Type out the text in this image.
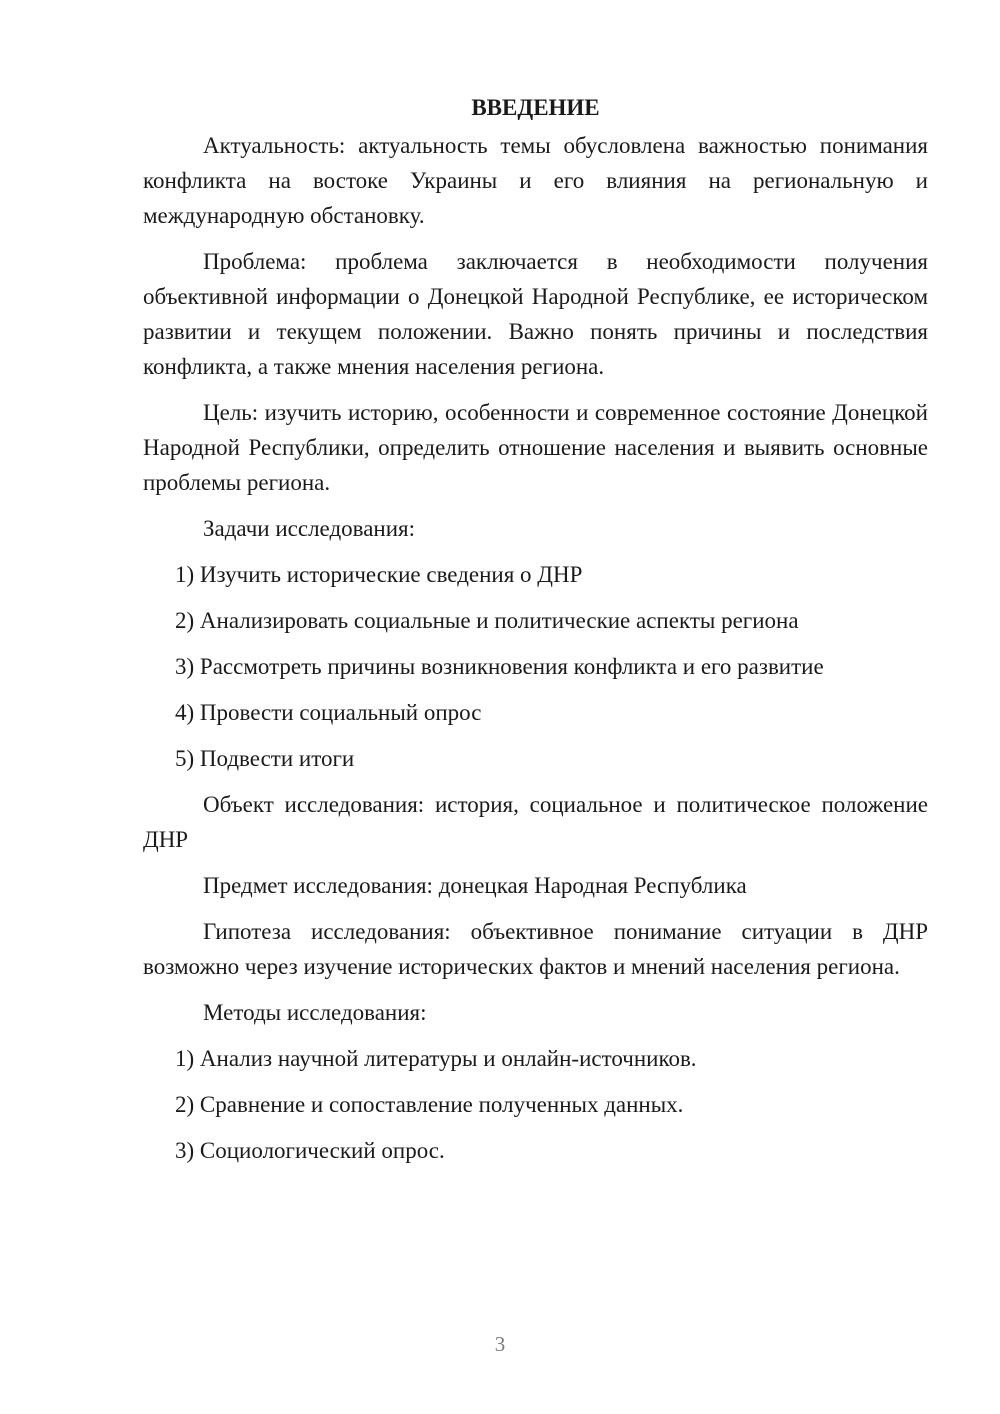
ВВЕДЕНИЕ

Актуальность: актуальность темы обусловлена важностью понимания конфликта на востоке Украины и его влияния на региональную и международную обстановку.

Проблема: проблема заключается в необходимости получения объективной информации о Донецкой Народной Республике, ее историческом развитии и текущем положении. Важно понять причины и последствия конфликта, а также мнения населения региона.

Цель: изучить историю, особенности и современное состояние Донецкой Народной Республики, определить отношение населения и выявить основные проблемы региона.

Задачи исследования:

1) Изучить исторические сведения о ДНР
2) Анализировать социальные и политические аспекты региона
3) Рассмотреть причины возникновения конфликта и его развитие
4) Провести социальный опрос
5) Подвести итоги

Объект исследования: история, социальное и политическое положение ДНР

Предмет исследования: донецкая Народная Республика

Гипотеза исследования: объективное понимание ситуации в ДНР возможно через изучение исторических фактов и мнений населения региона.

Методы исследования:

1) Анализ научной литературы и онлайн-источников.
2) Сравнение и сопоставление полученных данных.
3) Социологический опрос.
3
